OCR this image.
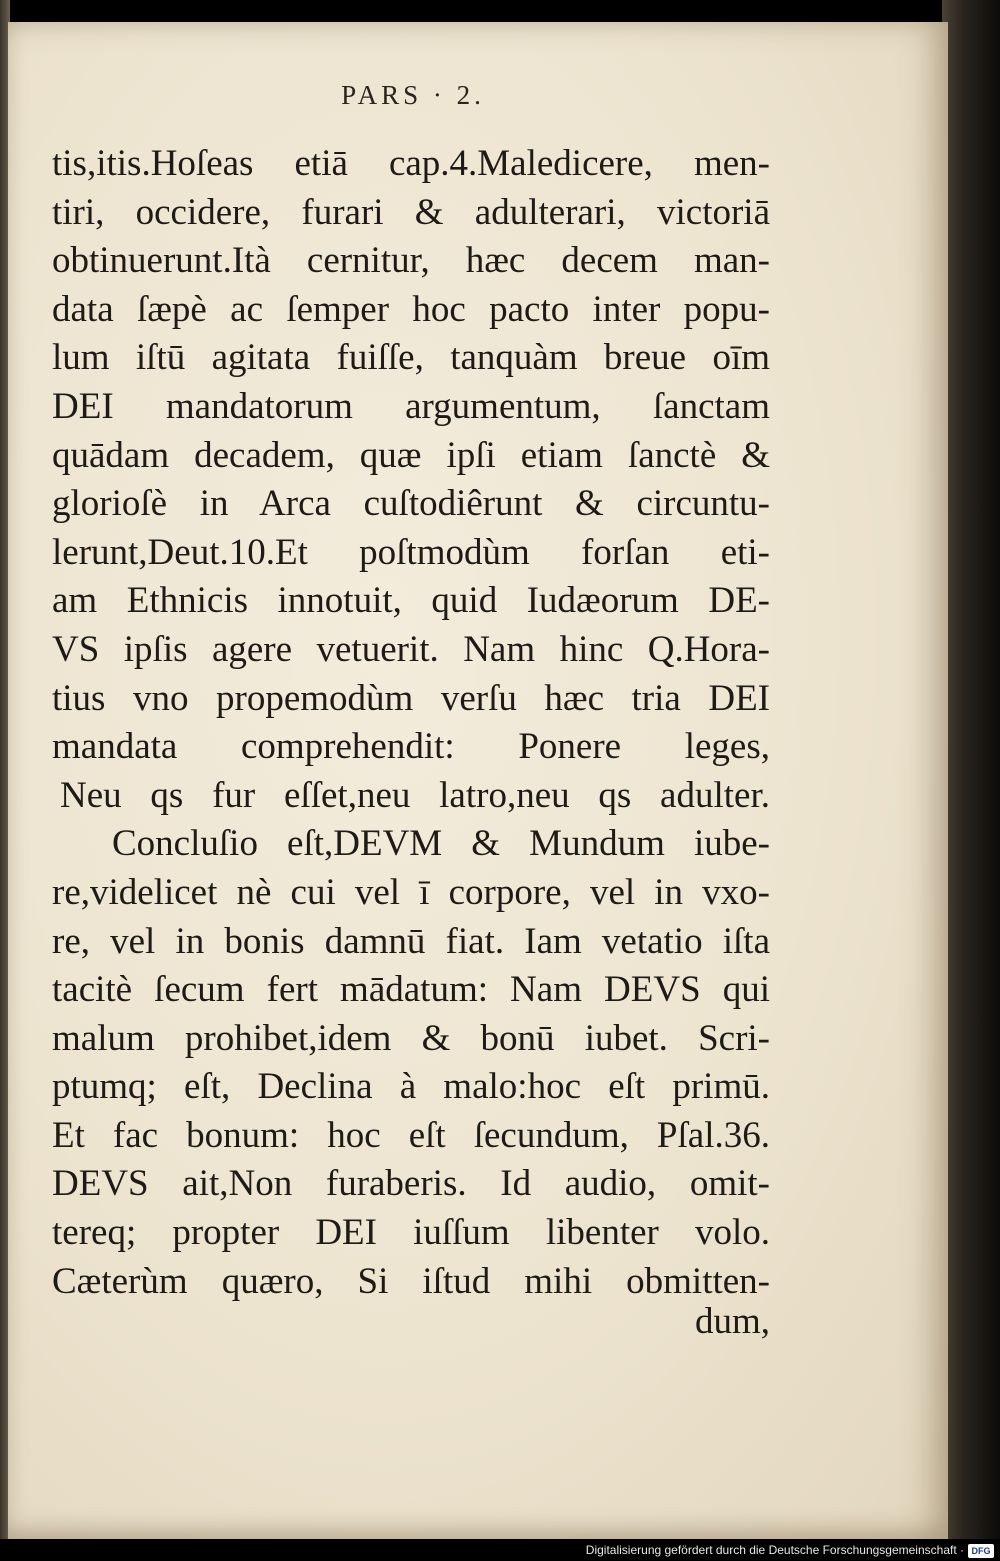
PARS · 2.
tis,itis.Hoſeas etiā cap.4.Maledicere, men-
tiri, occidere, furari & adulterari, victoriā
obtinuerunt.Ità cernitur, hæc decem man-
data ſæpè ac ſemper hoc pacto inter popu-
lum iſtū agitata fuiſſe, tanquàm breue oīm
DEI mandatorum argumentum, ſanctam
quādam decadem, quæ ipſi etiam ſanctè &
glorioſè in Arca cuſtodiêrunt & circuntu-
lerunt,Deut.10.Et poſtmodùm forſan eti-
am Ethnicis innotuit, quid Iudæorum DE-
VS ipſis agere vetuerit. Nam hinc Q.Hora-
tius vno propemodùm verſu hæc tria DEI
mandata comprehendit: Ponere leges,
Neu qs fur eſſet,neu latro,neu qs adulter.
Concluſio eſt,DEVM & Mundum iube-
re,videlicet nè cui vel ī corpore, vel in vxo-
re, vel in bonis damnū fiat. Iam vetatio iſta
tacitè ſecum fert mādatum: Nam DEVS qui
malum prohibet,idem & bonū iubet. Scri-
ptumq; eſt, Declina à malo:hoc eſt primū.
Et fac bonum: hoc eſt ſecundum, Pſal.36.
DEVS ait,Non furaberis. Id audio, omit-
tereq; propter DEI iuſſum libenter volo.
Cæterùm quæro, Si iſtud mihi obmitten-
dum,
Digitalisierung gefördert durch die Deutsche Forschungsgemeinschaft · DFG
